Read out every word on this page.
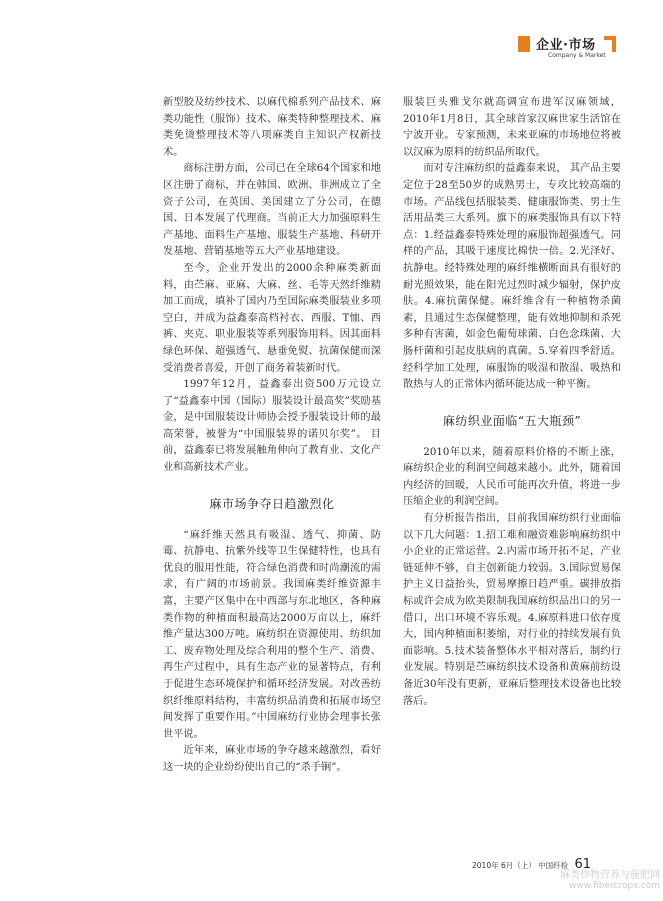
企业·市场
Company & Market

新型胶及纺纱技术、以麻代棉系列产品技术、麻类功能性（服饰）技术、麻类特种整理技术、麻类免烫整理技术等八项麻类自主知识产权新技术。

商标注册方面，公司已在全球64个国家和地区注册了商标，并在韩国、欧洲、非洲成立了全资子公司，在英国、美国建立了分公司，在德国、日本发展了代理商。当前正大力加强原料生产基地、面料生产基地、服装生产基地、科研开发基地、营销基地等五大产业基地建设。

至今，企业开发出的2000余种麻类新面料，由苎麻、亚麻、大麻、丝、毛等天然纤维精加工而成，填补了国内乃至国际麻类服装业多项空白，并成为益鑫泰高档衬衣、西服、T恤、西裤、夹克、职业服装等系列服饰用料。因其面料绿色环保、超强透气、悬垂免熨、抗菌保健而深受消费者喜爱，开创了商务着装新时代。

1997年12月，益鑫泰出资500万元设立了“益鑫泰中国（国际）服装设计最高奖”奖励基金，是中国服装设计师协会授予服装设计师的最高荣誉，被誉为“中国服装界的诺贝尔奖”。 目前，益鑫泰已将发展触角伸向了教育业、文化产业和高新技术产业。

麻市场争夺日趋激烈化

“麻纤维天然具有吸湿、透气、抑菌、防霉、抗静电、抗紫外线等卫生保健特性，也具有优良的服用性能，符合绿色消费和时尚潮流的需求，有广阔的市场前景。我国麻类纤维资源丰富，主要产区集中在中西部与东北地区，各种麻类作物的种植面积最高达2000万亩以上，麻纤维产量达300万吨。麻纺织在资源使用、纺织加工、废弃物处理及综合利用的整个生产、消费、再生产过程中，具有生态产业的显著特点，有利于促进生态环境保护和循环经济发展。对改善纺织纤维原料结构，丰富纺织品消费和拓展市场空间发挥了重要作用。”中国麻纺行业协会理事长张世平说。

近年来，麻业市场的争夺越来越激烈，看好这一块的企业纷纷使出自己的“杀手锏”。

服装巨头雅戈尔就高调宣布进军汉麻领域，2010年1月8日，其全球首家汉麻世家生活馆在宁波开业。专家预测，未来亚麻的市场地位将被以汉麻为原料的纺织品所取代。

而对专注麻纺织的益鑫泰来说， 其产品主要定位于28至50岁的成熟男士，专攻比较高端的市场。产品线包括服装类、健康服饰类、男士生活用品类三大系列。旗下的麻类服饰具有以下特点：1.经益鑫泰特殊处理的麻服饰超强透气。同样的产品，其吸干速度比棉快一倍。2.光泽好、抗静电。经特殊处理的麻纤维横断面具有很好的耐光照效果，能在阳光过烈时减少辐射，保护皮肤。4.麻抗菌保健。麻纤维含有一种植物杀菌素，且通过生态保健整理，能有效地抑制和杀死多种有害菌，如金色葡萄球菌、白色念珠菌、大肠杆菌和引起皮肤病的真菌。5.穿着四季舒适。经科学加工处理，麻服饰的吸湿和散湿、吸热和散热与人的正常体内循环能达成一种平衡。

麻纺织业面临“五大瓶颈”

2010年以来，随着原料价格的不断上涨，麻纺织企业的利润空间越来越小。此外，随着国内经济的回暖，人民币可能再次升值，将进一步压缩企业的利润空间。

有分析报告指出，目前我国麻纺织行业面临以下几大问题：1.招工难和融资难影响麻纺织中小企业的正常运营。2.内需市场开拓不足，产业链延伸不够，自主创新能力较弱。3.国际贸易保护主义日益抬头，贸易摩擦日趋严重。碳排放指标或许会成为欧美限制我国麻纺织品出口的另一借口，出口环境不容乐观。4.麻原料进口依存度大，国内种植面积萎缩，对行业的持续发展有负面影响。5.技术装备整体水平相对落后，制约行业发展。特别是苎麻纺织技术设备和黄麻前纺设备近30年没有更新，亚麻后整理技术设备也比较落后。

2010年 6月（上） 中国纤检 61
麻类作物营养与施肥网
www.fibercrops.com
